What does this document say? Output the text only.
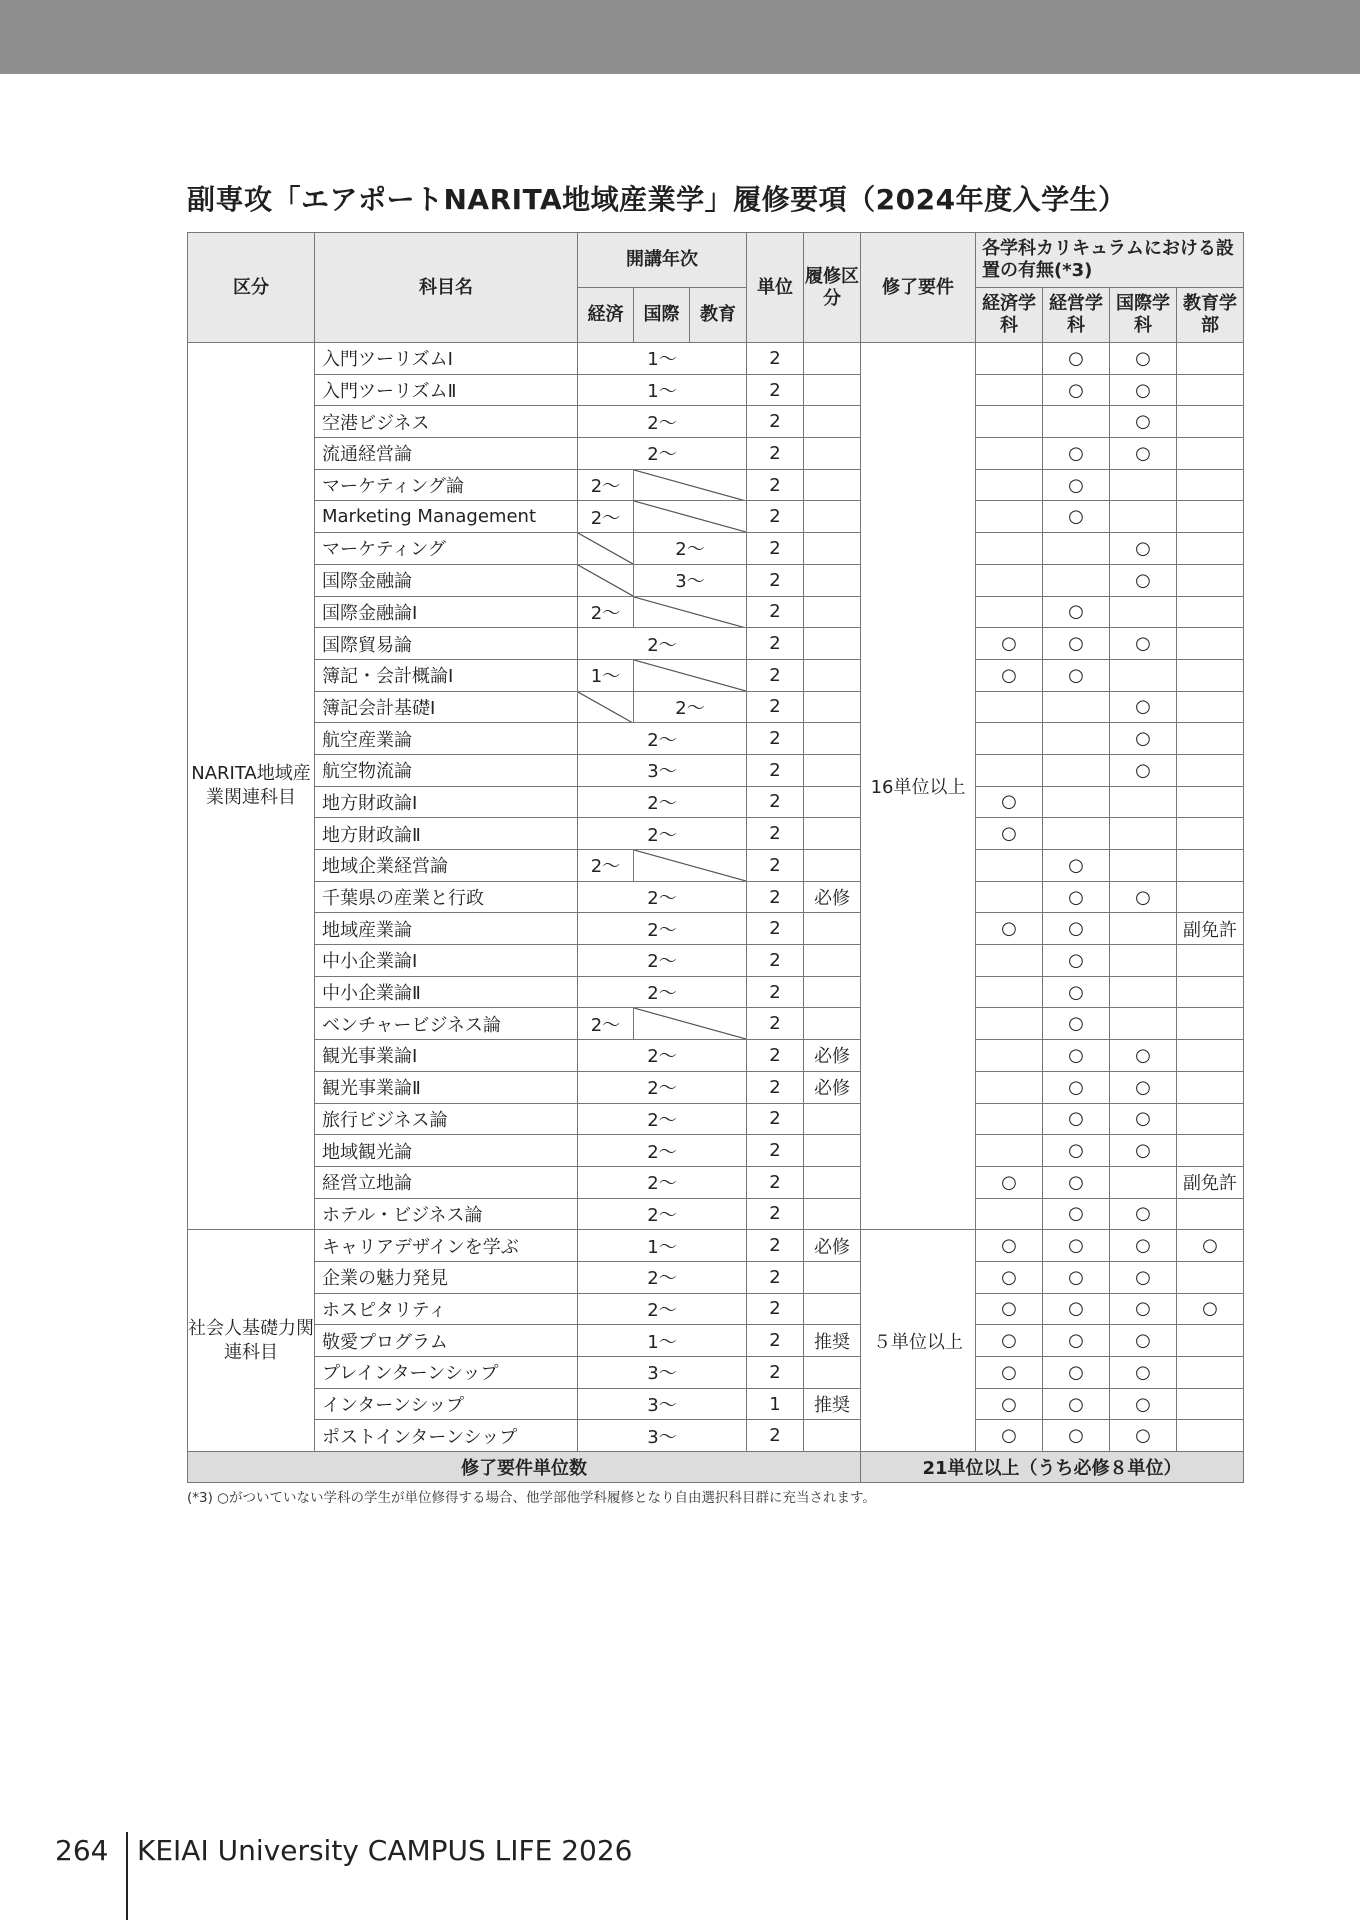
副専攻「エアポートNARITA地域産業学」履修要項（2024年度入学生）
区分	科目名	開講年次			単位	履修区分	修了要件	各学科カリキュラムにおける設置の有無(*3)			
		経済	国際	教育				経済学科	経営学科	国際学科	教育学部
NARITA地域産業関連科目	入門ツーリズムⅠ	1〜			2		16単位以上		○	○	
	入門ツーリズムⅡ	1〜			2				○	○	
	空港ビジネス	2〜			2					○	
	流通経営論	2〜			2				○	○	
	マーケティング論	2〜			2				○		
	Marketing Management	2〜			2				○		
	マーケティング		2〜		2					○	
	国際金融論		3〜		2					○	
	国際金融論Ⅰ	2〜			2				○		
	国際貿易論	2〜			2			○	○	○	
	簿記・会計概論Ⅰ	1〜			2			○	○		
	簿記会計基礎Ⅰ		2〜		2					○	
	航空産業論	2〜			2					○	
	航空物流論	3〜			2					○	
	地方財政論Ⅰ	2〜			2			○			
	地方財政論Ⅱ	2〜			2			○			
	地域企業経営論	2〜			2				○		
	千葉県の産業と行政	2〜			2	必修			○	○	
	地域産業論	2〜			2			○	○		副免許
	中小企業論Ⅰ	2〜			2				○		
	中小企業論Ⅱ	2〜			2				○		
	ベンチャービジネス論	2〜			2				○		
	観光事業論Ⅰ	2〜			2	必修			○	○	
	観光事業論Ⅱ	2〜			2	必修			○	○	
	旅行ビジネス論	2〜			2				○	○	
	地域観光論	2〜			2				○	○	
	経営立地論	2〜			2			○	○		副免許
	ホテル・ビジネス論	2〜			2				○	○	
社会人基礎力関連科目	キャリアデザインを学ぶ	1〜			2	必修	５単位以上	○	○	○	○
	企業の魅力発見	2〜			2			○	○	○	
	ホスピタリティ	2〜			2			○	○	○	○
	敬愛プログラム	1〜			2	推奨		○	○	○	
	プレインターンシップ	3〜			2			○	○	○	
	インターンシップ	3〜			1	推奨		○	○	○	
	ポストインターンシップ	3〜			2			○	○	○	
修了要件単位数							21単位以上（うち必修８単位）				
(*3) ○がついていない学科の学生が単位修得する場合、他学部他学科履修となり自由選択科目群に充当されます。
264 KEIAI University CAMPUS LIFE 2026
